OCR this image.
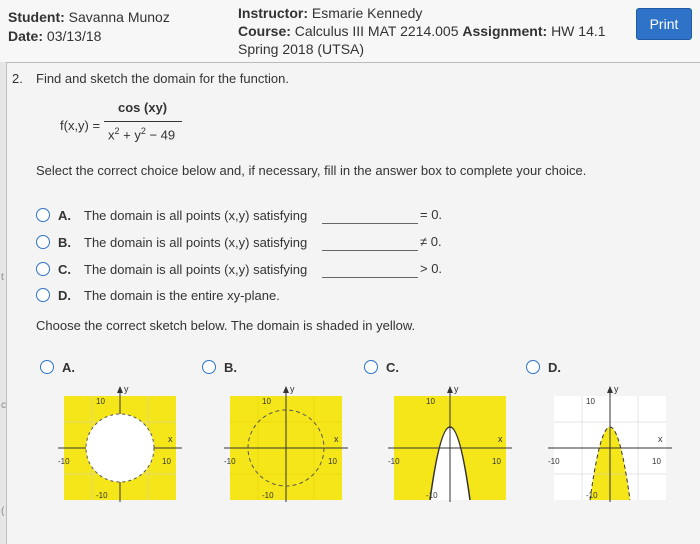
Student: Savanna Munoz
Date: 03/13/18
Instructor: Esmarie Kennedy
Course: Calculus III MAT 2214.005 Assignment: HW 14.1
Spring 2018 (UTSA)
Print
t
c
(
2. Find and sketch the domain for the function.
f(x,y) =
cos (xy)
$x^2 + y^2 - 49$
Select the correct choice below and, if necessary, fill in the answer box to complete your choice.
A.	The domain is all points (x,y) satisfying	= 0.
B.	The domain is all points (x,y) satisfying	≠ 0.
C.	The domain is all points (x,y) satisfying	> 0.
D.	The domain is the entire xy-plane.
Choose the correct sketch below. The domain is shaded in yellow.
A.	B.	C.	D.
y
x
10
-10	10
-10
y
x
10
-10	10
-10
y
x
10
-10	10
-10
y
x
10
-10	10
-10
